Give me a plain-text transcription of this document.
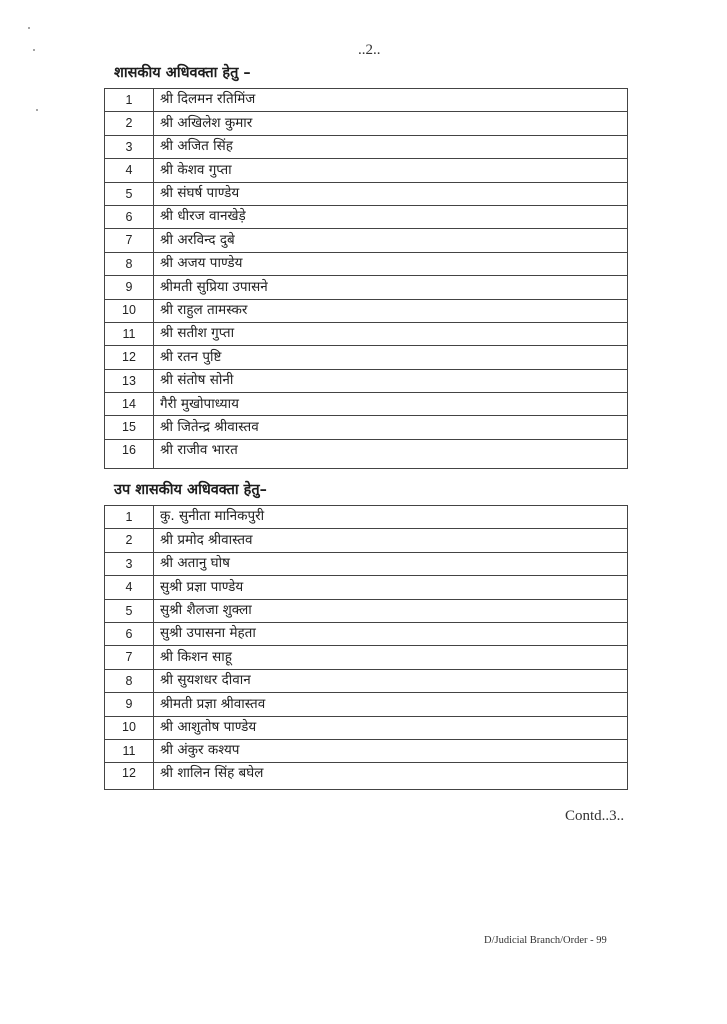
..2..
शासकीय अधिवक्ता हेतु –
1	श्री दिलमन रतिमिंज
2	श्री अखिलेश कुमार
3	श्री अजित सिंह
4	श्री केशव गुप्ता
5	श्री संघर्ष पाण्डेय
6	श्री धीरज वानखेड़े
7	श्री अरविन्द दुबे
8	श्री अजय पाण्डेय
9	श्रीमती सुप्रिया उपासने
10	श्री राहुल तामस्कर
11	श्री सतीश गुप्ता
12	श्री रतन पुष्टि
13	श्री संतोष सोनी
14	गैरी मुखोपाध्याय
15	श्री जितेन्द्र श्रीवास्तव
16	श्री राजीव भारत
उप शासकीय अधिवक्ता हेतु–
1	कु. सुनीता मानिकपुरी
2	श्री प्रमोद श्रीवास्तव
3	श्री अतानु घोष
4	सुश्री प्रज्ञा पाण्डेय
5	सुश्री शैलजा शुक्ला
6	सुश्री उपासना मेहता
7	श्री किशन साहू
8	श्री सुयशधर दीवान
9	श्रीमती प्रज्ञा श्रीवास्तव
10	श्री आशुतोष पाण्डेय
11	श्री अंकुर कश्यप
12	श्री शालिन सिंह बघेल
Contd..3..
D/Judicial Branch/Order - 99
